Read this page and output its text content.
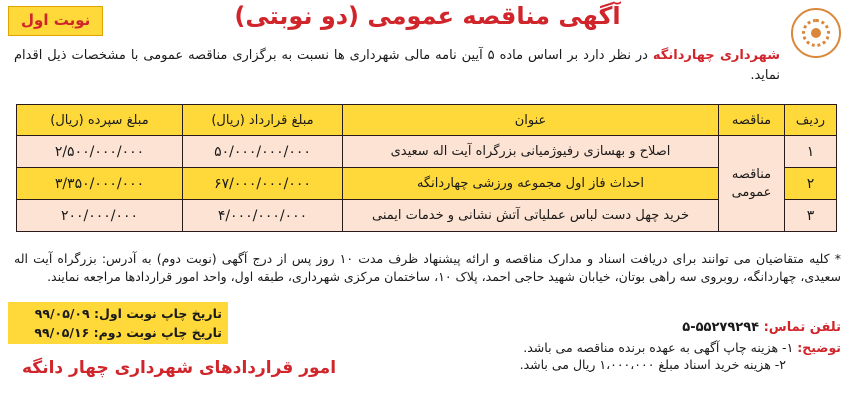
آگهی مناقصه عمومی (دو نوبتی)
نوبت اول
شهرداری چهاردانگه در نظر دارد بر اساس ماده ۵ آیین نامه مالی شهرداری ها نسبت به برگزاری مناقصه عمومی با مشخصات ذیل اقدام نماید.
ردیف	مناقصه	عنوان	مبلغ قرارداد (ریال)	مبلغ سپرده (ریال)
۱	مناقصه عمومی	اصلاح و بهسازی رفیوژمیانی بزرگراه آیت اله سعیدی	۵۰/۰۰۰/۰۰۰/۰۰۰	۲/۵۰۰/۰۰۰/۰۰۰
۲		احداث فاز اول مجموعه ورزشی چهاردانگه	۶۷/۰۰۰/۰۰۰/۰۰۰	۳/۳۵۰/۰۰۰/۰۰۰
۳		خرید چهل دست لباس عملیاتی آتش نشانی و خدمات ایمنی	۴/۰۰۰/۰۰۰/۰۰۰	۲۰۰/۰۰۰/۰۰۰
* کلیه متقاضیان می توانند برای دریافت اسناد و مدارک مناقصه و ارائه پیشنهاد ظرف مدت ۱۰ روز پس از درج آگهی (نوبت دوم) به آدرس: بزرگراه آیت اله سعیدی، چهاردانگه، روبروی سه راهی بوتان، خیابان شهید حاجی احمد، پلاک ۱۰، ساختمان مرکزی شهرداری، طبقه اول، واحد امور قراردادها مراجعه نمایند.
تلفن تماس: ۵۵۲۷۹۲۹۴-۵
توضیح: ۱- هزینه چاپ آگهی به عهده برنده مناقصه می باشد.
۲- هزینه خرید اسناد مبلغ ۱،۰۰۰،۰۰۰ ریال می باشد.
تاریخ چاپ نوبت اول: ۹۹/۰۵/۰۹
تاریخ چاپ نوبت دوم: ۹۹/۰۵/۱۶
امور قراردادهای شهرداری چهار دانگه
